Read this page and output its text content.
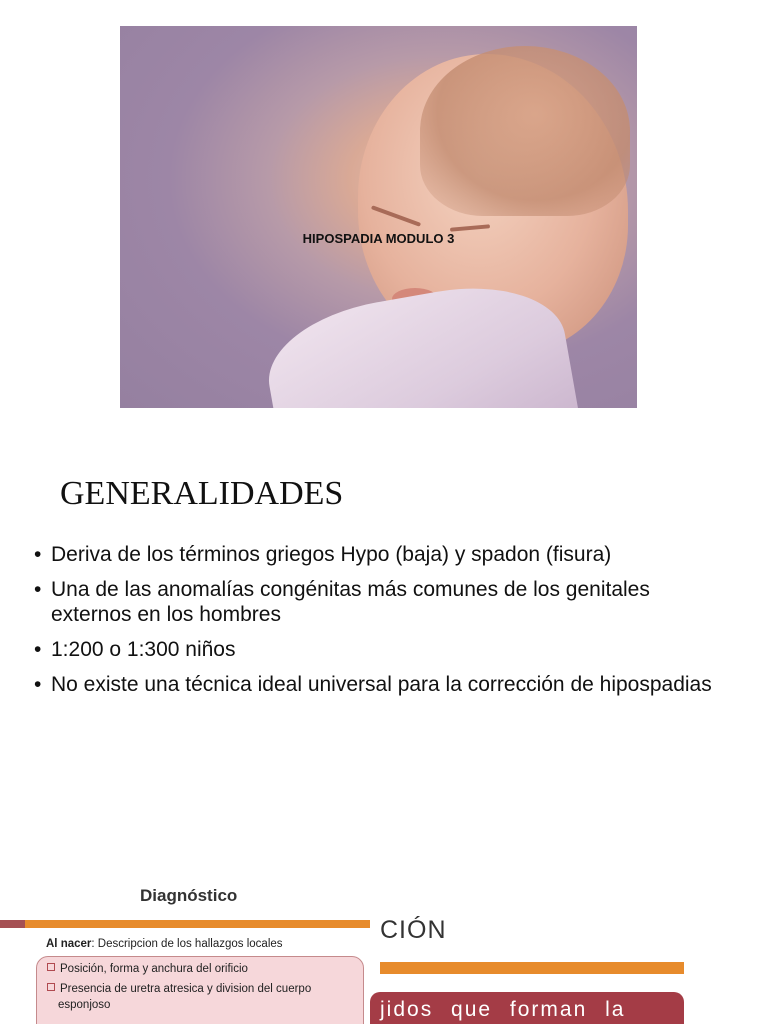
HIPOSPADIA MODULO 3
GENERALIDADES
• Deriva de los términos griegos Hypo (baja) y spadon (fisura)
• Una de las anomalías congénitas más comunes de los genitales externos en los hombres
• 1:200 o 1:300 niños
• No existe una técnica ideal universal para la corrección de hipospadias
Diagnóstico
CIÓN
Al nacer: Descripcion de los hallazgos locales
Posición, forma y anchura del orificio
Presencia de uretra atresica y division del cuerpo
esponjoso	jidos que forman la
